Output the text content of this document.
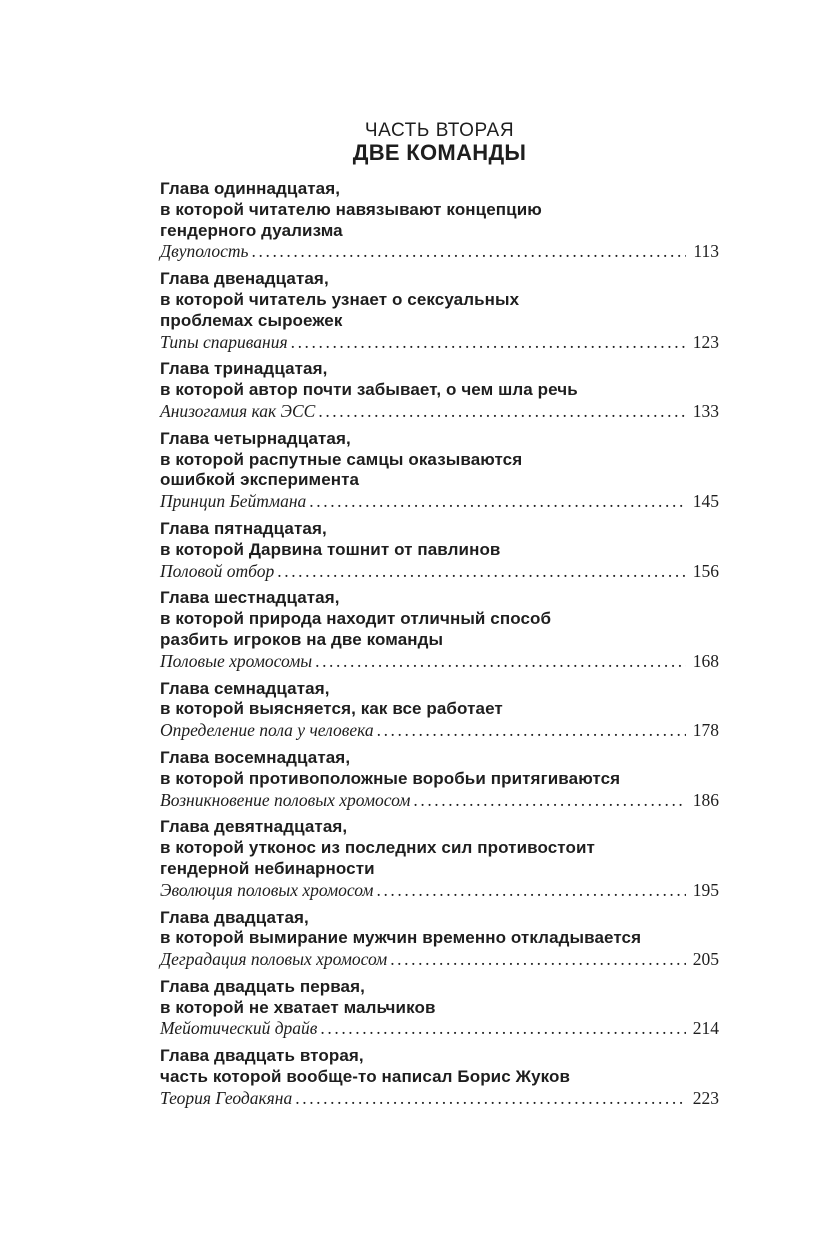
ЧАСТЬ ВТОРАЯ
ДВЕ КОМАНДЫ
Глава одиннадцатая,
в которой читателю навязывают концепцию
гендерного дуализма
Двуполость .....	113
Глава двенадцатая,
в которой читатель узнает о сексуальных
проблемах сыроежек
Типы спаривания .....	123
Глава тринадцатая,
в которой автор почти забывает, о чем шла речь
Анизогамия как ЭСС .....	133
Глава четырнадцатая,
в которой распутные самцы оказываются
ошибкой эксперимента
Принцип Бейтмана .....	145
Глава пятнадцатая,
в которой Дарвина тошнит от павлинов
Половой отбор .....	156
Глава шестнадцатая,
в которой природа находит отличный способ
разбить игроков на две команды
Половые хромосомы .....	168
Глава семнадцатая,
в которой выясняется, как все работает
Определение пола у человека .....	178
Глава восемнадцатая,
в которой противоположные воробьи притягиваются
Возникновение половых хромосом .....	186
Глава девятнадцатая,
в которой утконос из последних сил противостоит
гендерной небинарности
Эволюция половых хромосом .....	195
Глава двадцатая,
в которой вымирание мужчин временно откладывается
Деградация половых хромосом .....	205
Глава двадцать первая,
в которой не хватает мальчиков
Мейотический драйв .....	214
Глава двадцать вторая,
часть которой вообще-то написал Борис Жуков
Теория Геодакяна .....	223
